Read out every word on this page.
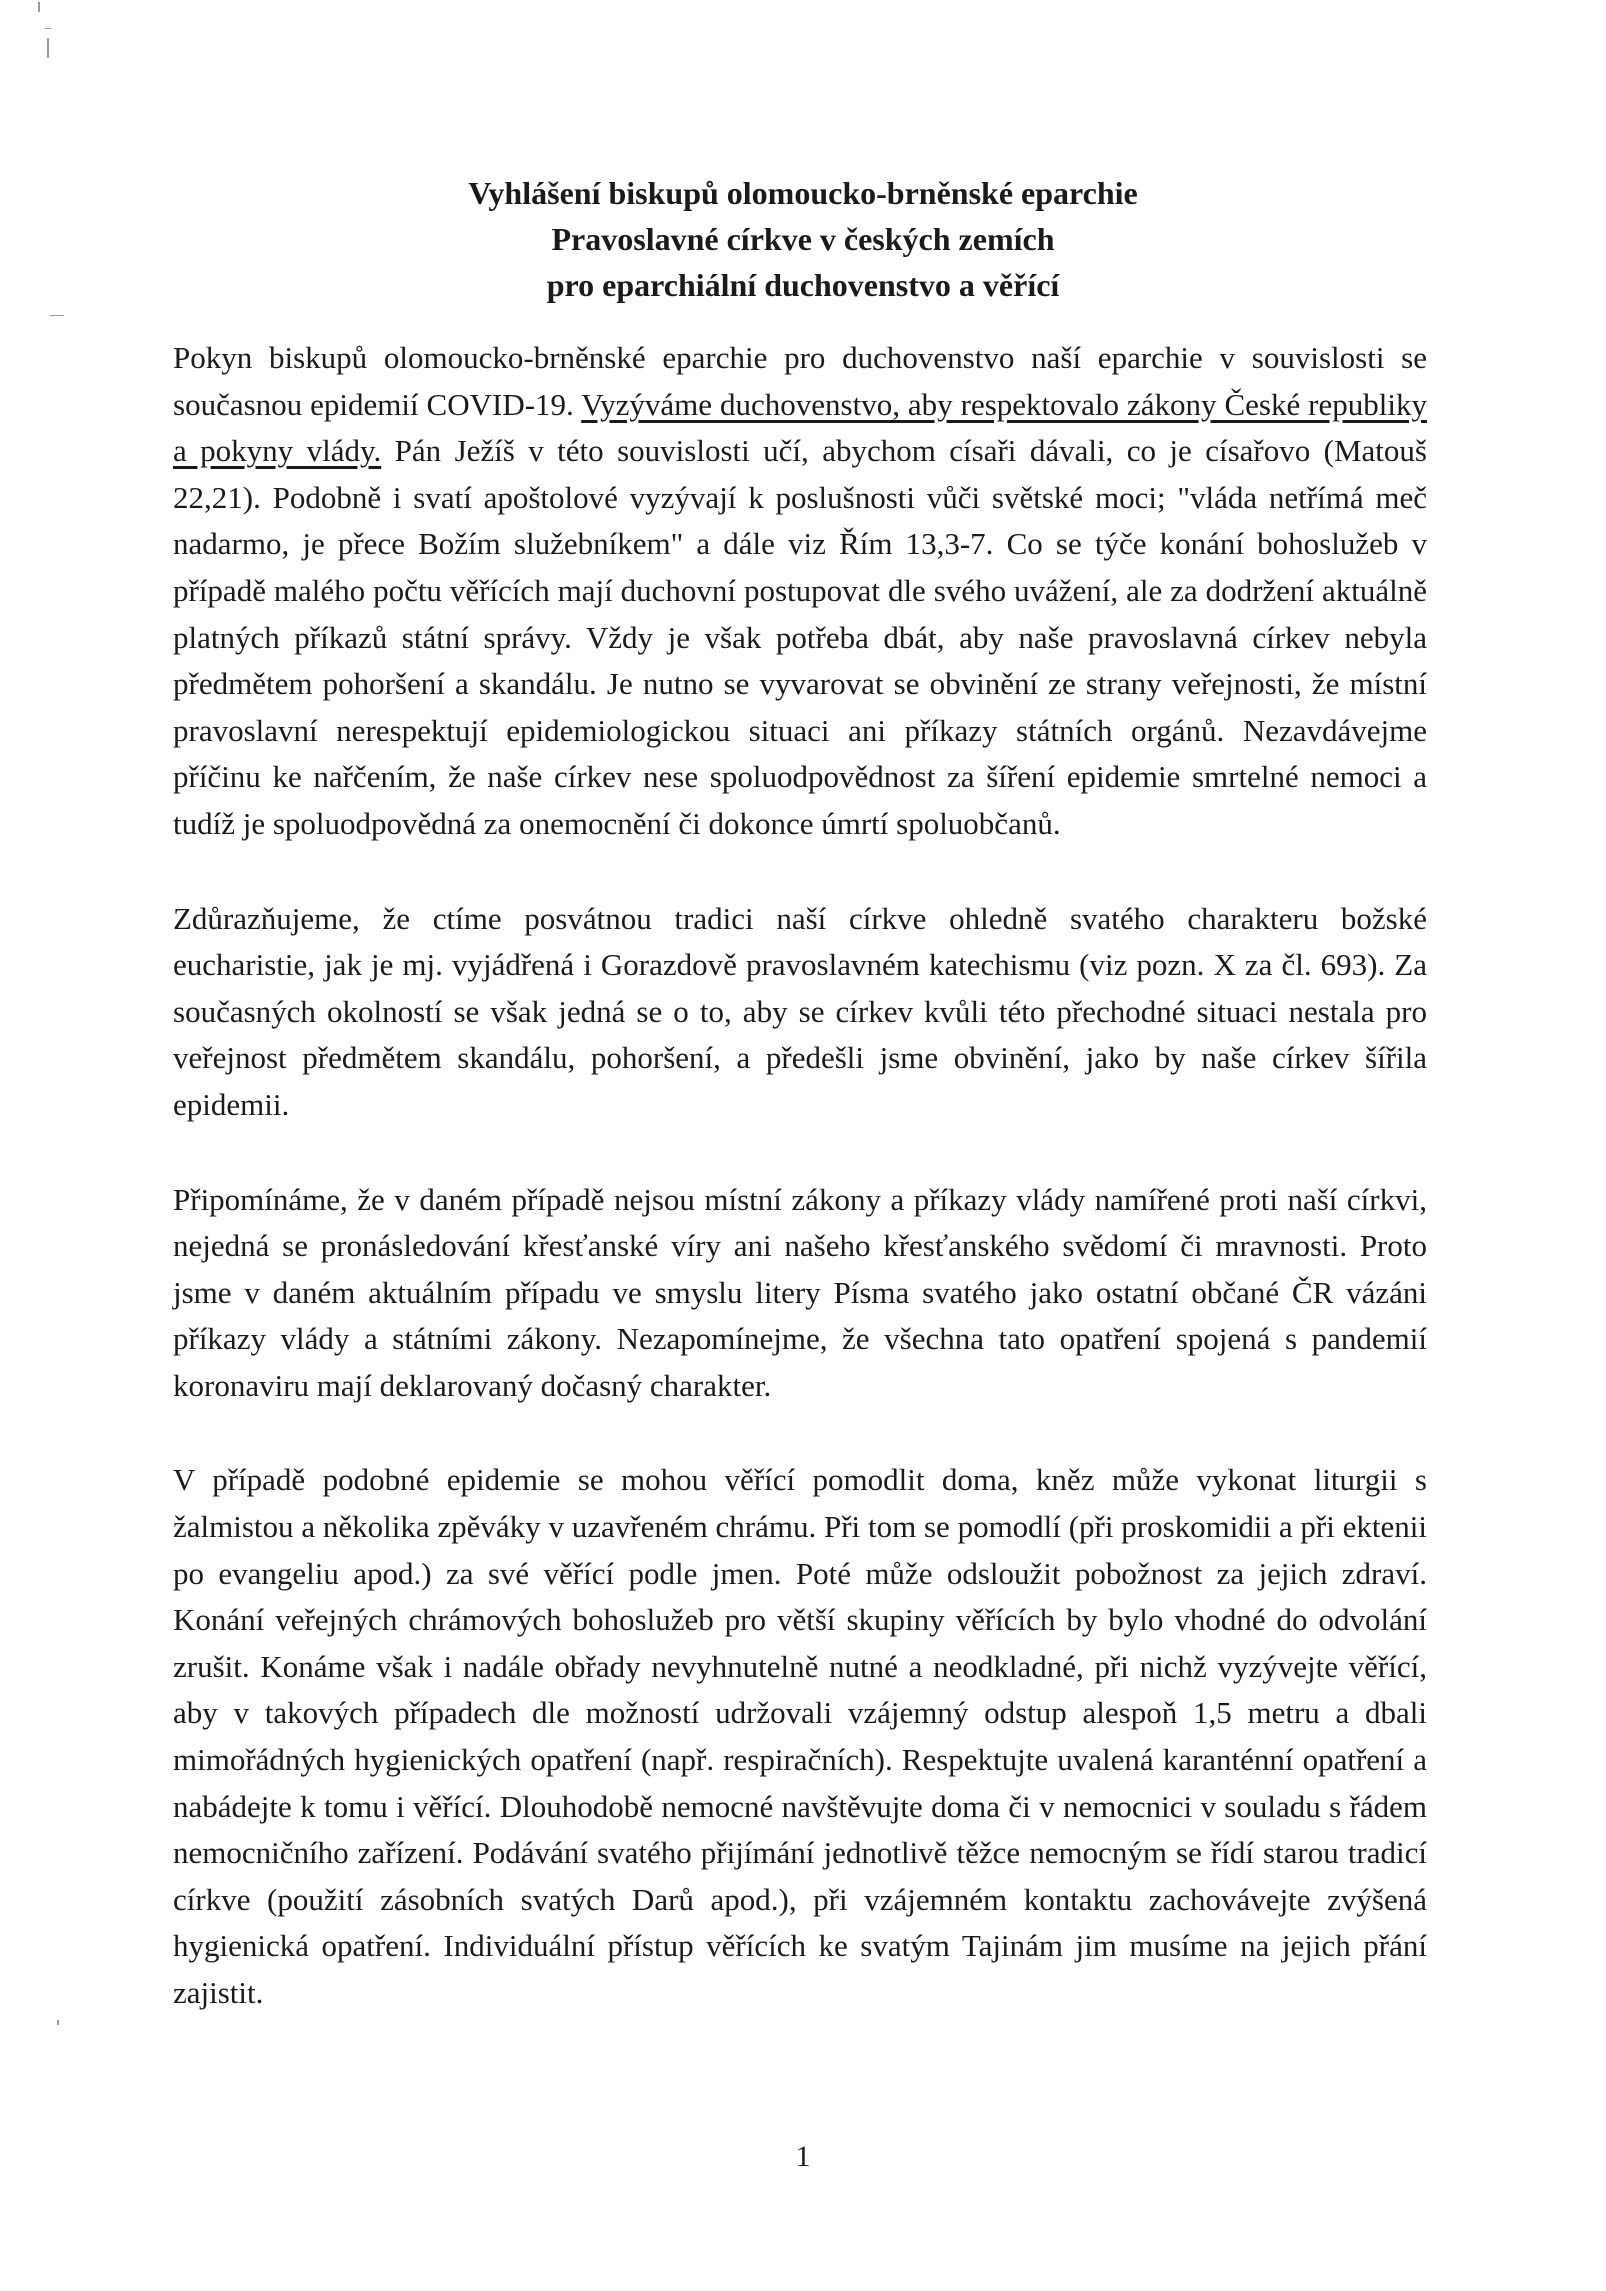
Vyhlášení biskupů olomoucko-brněnské eparchie
Pravoslavné církve v českých zemích
pro eparchiální duchovenstvo a věřící

Pokyn biskupů olomoucko-brněnské eparchie pro duchovenstvo naší eparchie v souvislosti se současnou epidemií COVID-19. Vyzýváme duchovenstvo, aby respektovalo zákony České republiky a pokyny vlády. Pán Ježíš v této souvislosti učí, abychom císaři dávali, co je císařovo (Matouš 22,21). Podobně i svatí apoštolové vyzývají k poslušnosti vůči světské moci; "vláda netřímá meč nadarmo, je přece Božím služebníkem" a dále viz Řím 13,3-7. Co se týče konání bohoslužeb v případě malého počtu věřících mají duchovní postupovat dle svého uvážení, ale za dodržení aktuálně platných příkazů státní správy. Vždy je však potřeba dbát, aby naše pravoslavná církev nebyla předmětem pohoršení a skandálu. Je nutno se vyvarovat se obvinění ze strany veřejnosti, že místní pravoslavní nerespektují epidemiologickou situaci ani příkazy státních orgánů. Nezavdávejme příčinu ke nařčením, že naše církev nese spoluodpovědnost za šíření epidemie smrtelné nemoci a tudíž je spoluodpovědná za onemocnění či dokonce úmrtí spoluobčanů.

Zdůrazňujeme, že ctíme posvátnou tradici naší církve ohledně svatého charakteru božské eucharistie, jak je mj. vyjádřená i Gorazdově pravoslavném katechismu (viz pozn. X za čl. 693). Za současných okolností se však jedná se o to, aby se církev kvůli této přechodné situaci nestala pro veřejnost předmětem skandálu, pohoršení, a předešli jsme obvinění, jako by naše církev šířila epidemii.

Připomínáme, že v daném případě nejsou místní zákony a příkazy vlády namířené proti naší církvi, nejedná se pronásledování křesťanské víry ani našeho křesťanského svědomí či mravnosti. Proto jsme v daném aktuálním případu ve smyslu litery Písma svatého jako ostatní občané ČR vázáni příkazy vlády a státními zákony. Nezapomínejme, že všechna tato opatření spojená s pandemií koronaviru mají deklarovaný dočasný charakter.

V případě podobné epidemie se mohou věřící pomodlit doma, kněz může vykonat liturgii s žalmistou a několika zpěváky v uzavřeném chrámu. Při tom se pomodlí (při proskomidii a při ektenii po evangeliu apod.) za své věřící podle jmen. Poté může odsloužit pobožnost za jejich zdraví. Konání veřejných chrámových bohoslužeb pro větší skupiny věřících by bylo vhodné do odvolání zrušit. Konáme však i nadále obřady nevyhnutelně nutné a neodkladné, při nichž vyzývejte věřící, aby v takových případech dle možností udržovali vzájemný odstup alespoň 1,5 metru a dbali mimořádných hygienických opatření (např. respiračních). Respektujte uvalená karanténní opatření a nabádejte k tomu i věřící. Dlouhodobě nemocné navštěvujte doma či v nemocnici v souladu s řádem nemocničního zařízení. Podávání svatého přijímání jednotlivě těžce nemocným se řídí starou tradicí církve (použití zásobních svatých Darů apod.), při vzájemném kontaktu zachovávejte zvýšená hygienická opatření. Individuální přístup věřících ke svatým Tajinám jim musíme na jejich přání zajistit.

1
